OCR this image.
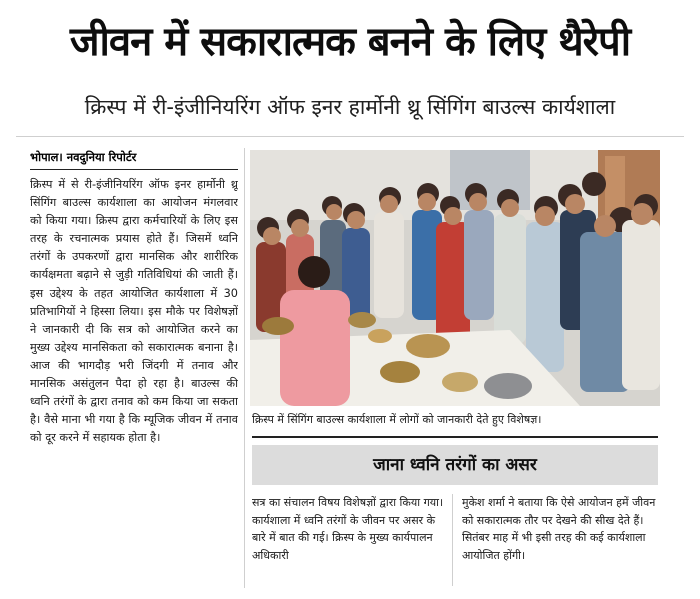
जीवन में सकारात्मक बनने के लिए थैरेपी
क्रिस्प में री-इंजीनियरिंग ऑफ इनर हार्मोनी थ्रू सिंगिंग बाउल्स कार्यशाला
भोपाल। नवदुनिया रिपोर्टर
क्रिस्प में से री-इंजीनियरिंग ऑफ इनर हार्मोनी थ्रू सिंगिंग बाउल्स कार्यशाला का आयोजन मंगलवार को किया गया। क्रिस्प द्वारा कर्मचारियों के लिए इस तरह के रचनात्मक प्रयास होते हैं। जिसमें ध्वनि तरंगों के उपकरणों द्वारा मानसिक और शारीरिक कार्यक्षमता बढ़ाने से जुड़ी गतिविधियां की जाती हैं। इस उद्देश्य के तहत आयोजित कार्यशाला में 30 प्रतिभागियों ने हिस्सा लिया। इस मौके पर विशेषज्ञों ने जानकारी दी कि सत्र को आयोजित करने का मुख्य उद्देश्य मानसिकता को सकारात्मक बनाना है। आज की भागदौड़ भरी जिंदगी में तनाव और मानसिक असंतुलन पैदा हो रहा है। बाउल्स की ध्वनि तरंगों के द्वारा तनाव को कम किया जा सकता है। वैसे माना भी गया है कि म्यूजिक जीवन में तनाव को दूर करने में सहायक होता है।
क्रिस्प में सिंगिंग बाउल्स कार्यशाला में लोगों को जानकारी देते हुए विशेषज्ञ।
जाना ध्वनि तरंगों का असर
सत्र का संचालन विषय विशेषज्ञों द्वारा किया गया। कार्यशाला में ध्वनि तरंगों के जीवन पर असर के बारे में बात की गई। क्रिस्प के मुख्य कार्यपालन अधिकारी
मुकेश शर्मा ने बताया कि ऐसे आयोजन हमें जीवन को सकारात्मक तौर पर देखने की सीख देते हैं। सितंबर माह में भी इसी तरह की कई कार्यशाला आयोजित होंगी।
